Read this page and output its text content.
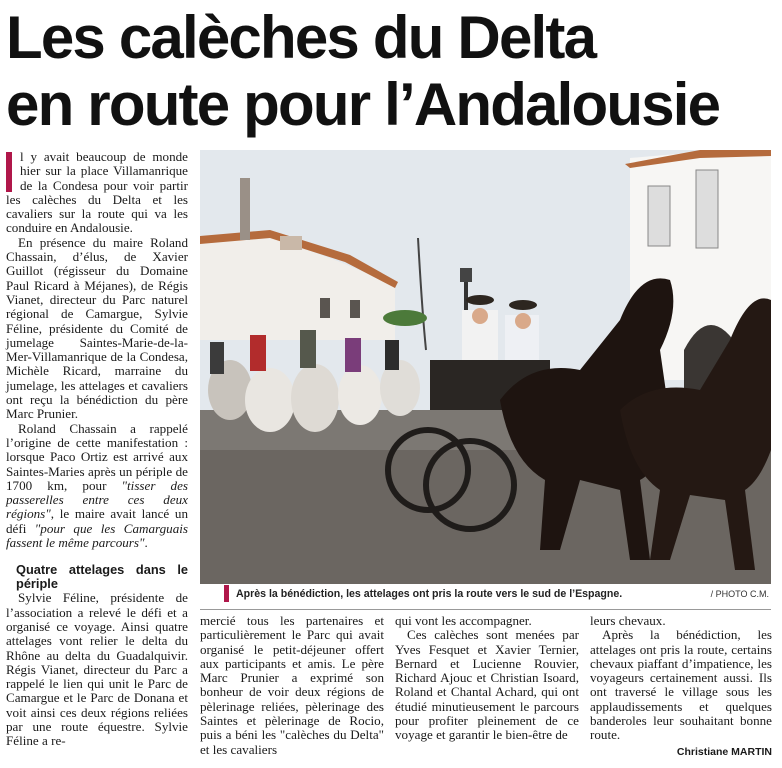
Les calèches du Delta
en route pour l’Andalousie

l y avait beaucoup de monde hier sur la place Villamanrique de la Condesa pour voir partir les calèches du Delta et les cavaliers sur la route qui va les conduire en Andalousie.

En présence du maire Roland Chassain, d’élus, de Xavier Guillot (régisseur du Domaine Paul Ricard à Méjanes), de Régis Vianet, directeur du Parc naturel régional de Camargue, Sylvie Féline, présidente du Comité de jumelage Saintes-Marie-de-la-Mer-Villamanrique de la Condesa, Michèle Ricard, marraine du jumelage, les attelages et cavaliers ont reçu la bénédiction du père Marc Prunier.

Roland Chassain a rappelé l’origine de cette manifestation : lorsque Paco Ortiz est arrivé aux Saintes-Maries après un périple de 1700 km, pour "tisser des passerelles entre ces deux régions", le maire avait lancé un défi "pour que les Camarguais fassent le même parcours".

Quatre attelages dans le périple

Sylvie Féline, présidente de l’association a relevé le défi et a organisé ce voyage. Ainsi quatre attelages vont relier le delta du Rhône au delta du Guadalquivir. Régis Vianet, directeur du Parc a rappelé le lien qui unit le Parc de Camargue et le Parc de Donana et voit ainsi ces deux régions reliées par une route équestre. Sylvie Féline a re-

Après la bénédiction, les attelages ont pris la route vers le sud de l’Espagne.	/ PHOTO C.M.

mercié tous les partenaires et particulièrement le Parc qui avait organisé le petit-déjeuner offert aux participants et amis. Le père Marc Prunier a exprimé son bonheur de voir deux régions de pèlerinage reliées, pèlerinage des Saintes et pèlerinage de Rocio, puis a béni les "calèches du Delta" et les cavaliers

qui vont les accompagner.

Ces calèches sont menées par Yves Fesquet et Xavier Ternier, Bernard et Lucienne Rouvier, Richard Ajouc et Christian Isoard, Roland et Chantal Achard, qui ont étudié minutieusement le parcours pour profiter pleinement de ce voyage et garantir le bien-être de

leurs chevaux.

Après la bénédiction, les attelages ont pris la route, certains chevaux piaffant d’impatience, les voyageurs certainement aussi. Ils ont traversé le village sous les applaudissements et quelques banderoles leur souhaitant bonne route.

Christiane MARTIN
